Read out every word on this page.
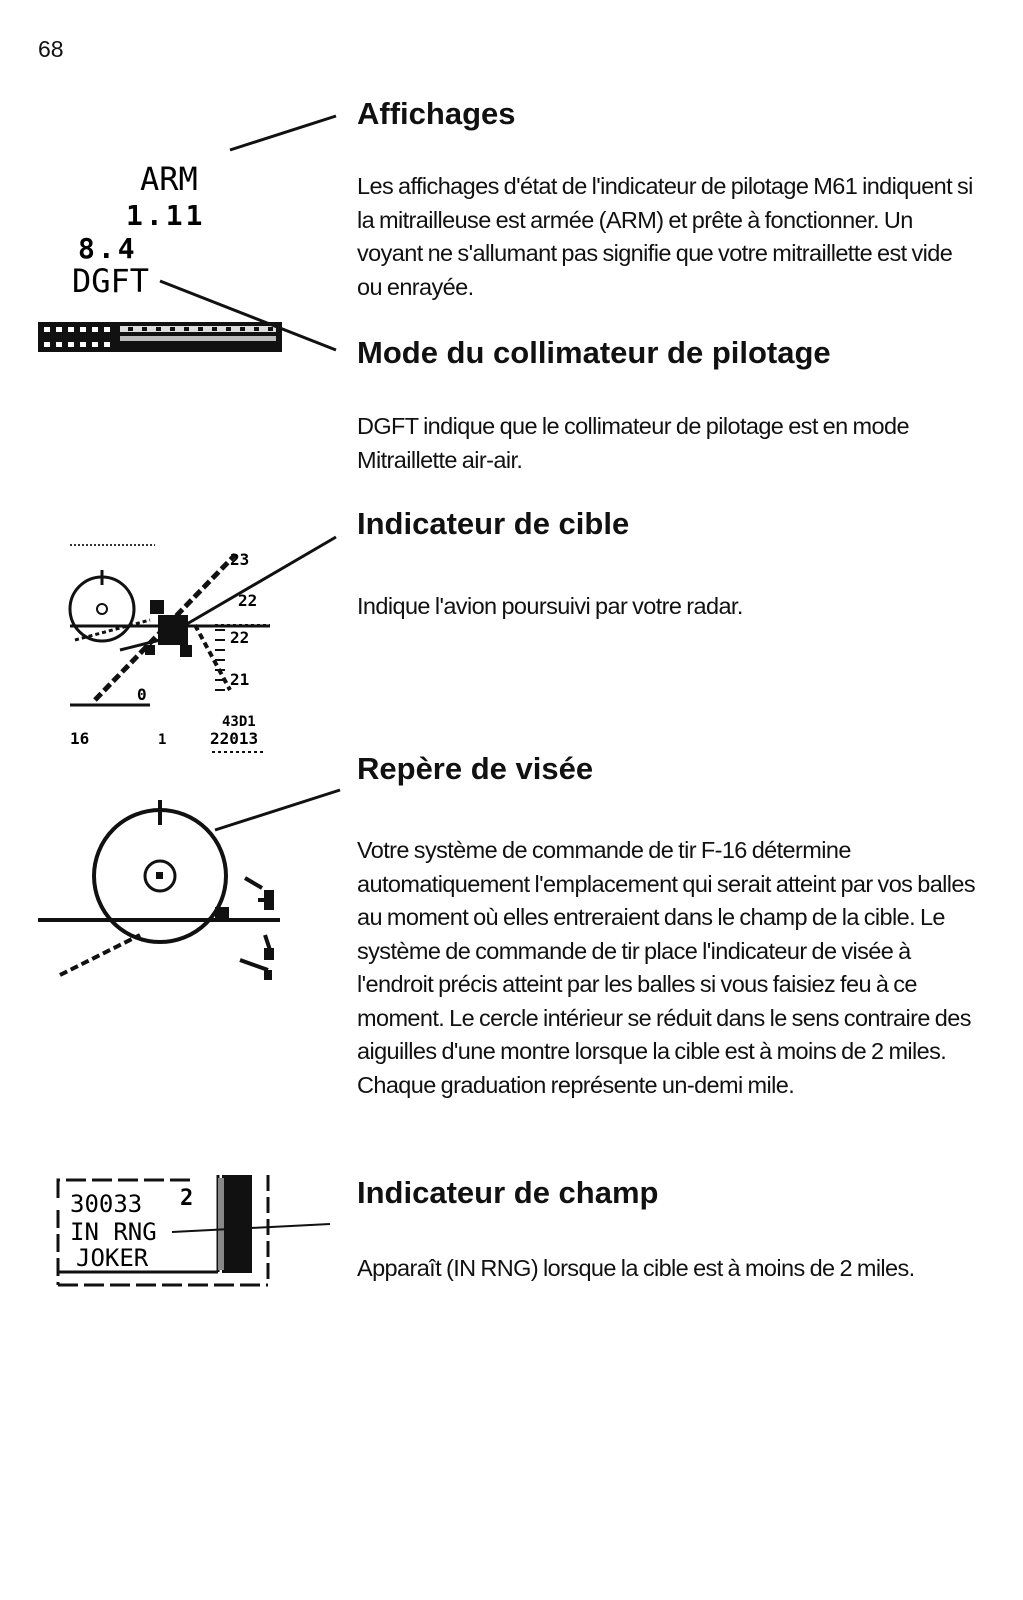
68
ARM
1.11
8.4
DGFT
Affichages

Les affichages d'état de l'indicateur de pilotage M61 indiquent si la mitrailleuse est armée (ARM) et prête à fonctionner. Un voyant ne s'allumant pas signifie que votre mitraillette est vide ou enrayée.

Mode du collimateur de pilotage

DGFT indique que le collimateur de pilotage est en mode Mitraillette air-air.

23
22
22
21
0
16	1
43D1
22013
Indicateur de cible

Indique l'avion poursuivi par votre radar.

Repère de visée

Votre système de commande de tir F-16 détermine automatiquement l'emplacement qui serait atteint par vos balles au moment où elles entreraient dans le champ de la cible. Le système de commande de tir place l'indicateur de visée à l'endroit précis atteint par les balles si vous faisiez feu à ce moment. Le cercle intérieur se réduit dans le sens contraire des aiguilles d'une montre lorsque la cible est à moins de 2 miles. Chaque graduation représente un-demi mile.

30033 2
IN RNG
JOKER
Indicateur de champ

Apparaît (IN RNG) lorsque la cible est à moins de 2 miles.
